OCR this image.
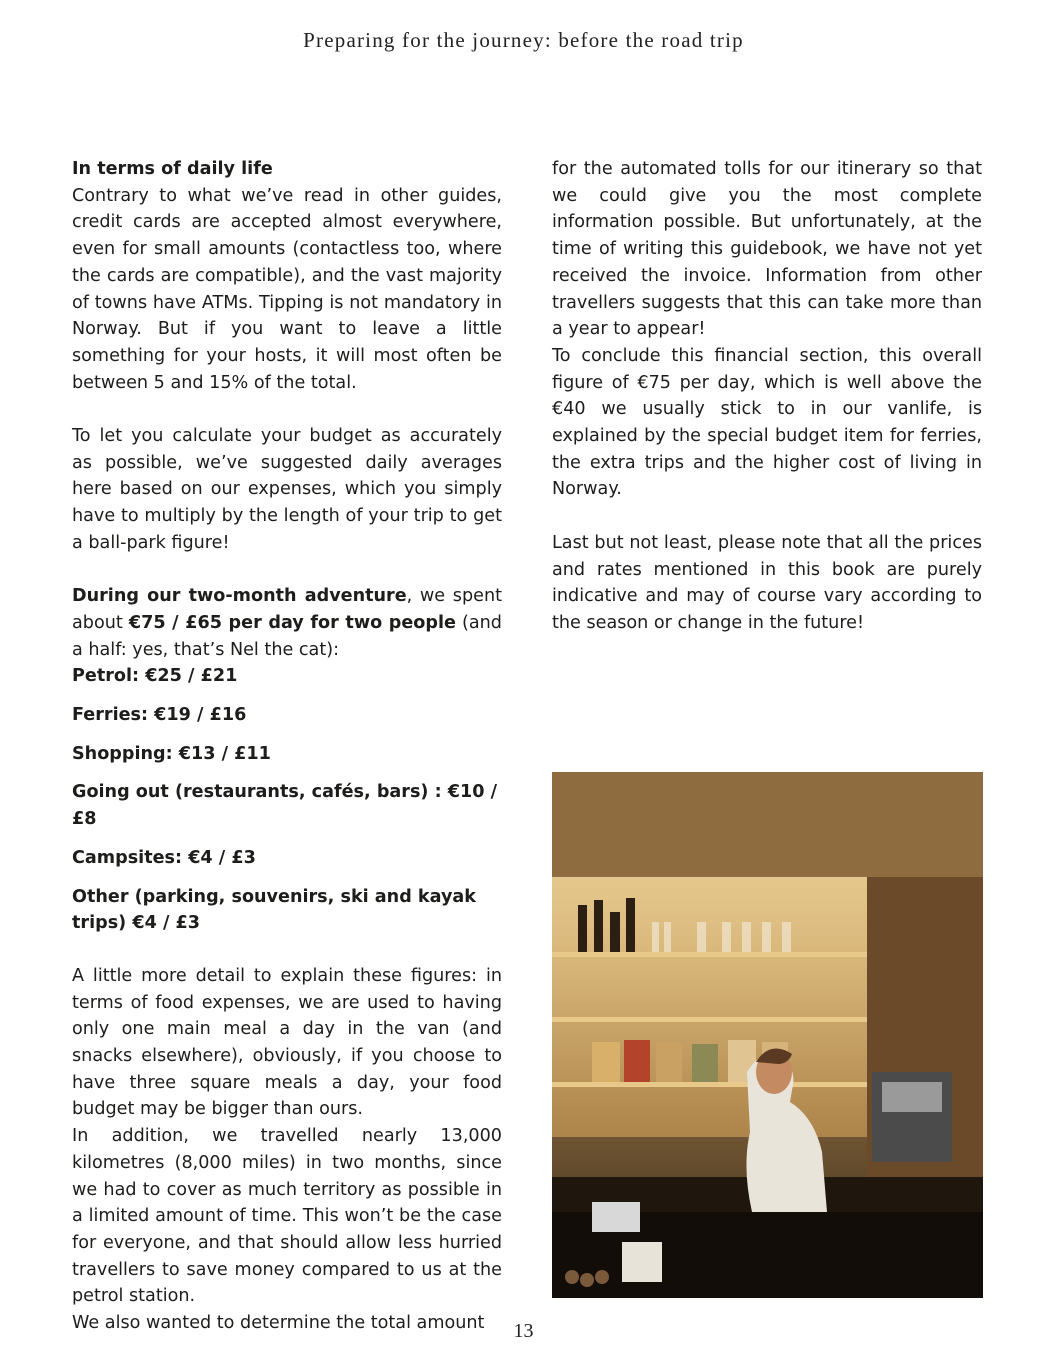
Preparing for the journey: before the road trip

In terms of daily life

Contrary to what we’ve read in other guides, credit cards are accepted almost everywhere, even for small amounts (contactless too, where the cards are compatible), and the vast majority of towns have ATMs. Tipping is not mandatory in Norway. But if you want to leave a little something for your hosts, it will most often be between 5 and 15% of the total.

To let you calculate your budget as accurately as possible, we’ve suggested daily averages here based on our expenses, which you simply have to multiply by the length of your trip to get a ball-park figure!

During our two-month adventure, we spent about €75 / £65 per day for two people (and a half: yes, that’s Nel the cat):

Petrol: €25 / £21

Ferries: €19 / £16

Shopping: €13 / £11

Going out (restaurants, cafés, bars) : €10 / £8

Campsites: €4 / £3

Other (parking, souvenirs, ski and kayak trips) €4 / £3

A little more detail to explain these figures: in terms of food expenses, we are used to having only one main meal a day in the van (and snacks elsewhere), obviously, if you choose to have three square meals a day, your food budget may be bigger than ours.

In addition, we travelled nearly 13,000 kilometres (8,000 miles) in two months, since we had to cover as much territory as possible in a limited amount of time. This won’t be the case for everyone, and that should allow less hurried travellers to save money compared to us at the petrol station.

We also wanted to determine the total amount

for the automated tolls for our itinerary so that we could give you the most complete information possible. But unfortunately, at the time of writing this guidebook, we have not yet received the invoice. Information from other travellers suggests that this can take more than a year to appear!

To conclude this financial section, this overall figure of €75 per day, which is well above the €40 we usually stick to in our vanlife, is explained by the special budget item for ferries, the extra trips and the higher cost of living in Norway.

Last but not least, please note that all the prices and rates mentioned in this book are purely indicative and may of course vary according to the season or change in the future!

13
